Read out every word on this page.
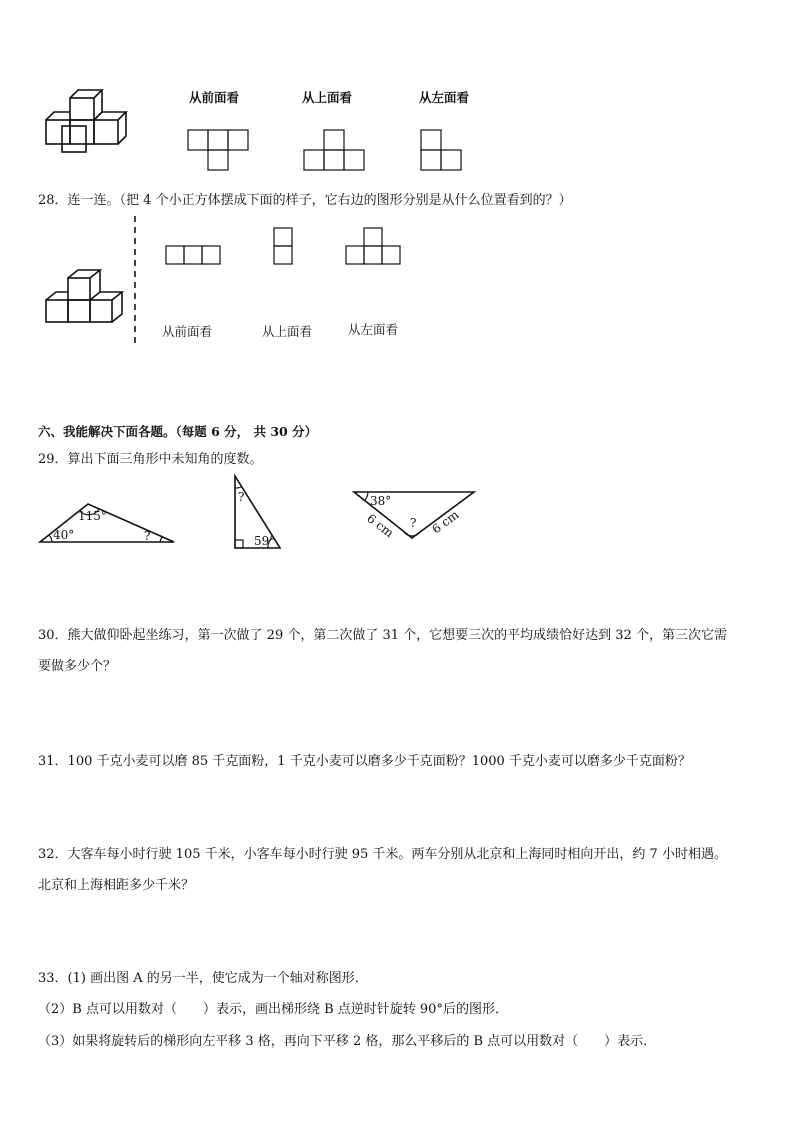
从前面看	从上面看	从左面看
28．连一连。（把 4 个小正方体摆成下面的样子，它右边的图形分别是从什么位置看到的？）
从前面看	从上面看	从左面看
六、我能解决下面各题。（每题 6 分， 共 30 分）
29．算出下面三角形中未知角的度数。
115°
40°	?
?
59°
38°
?
6 cm	6 cm
30．熊大做仰卧起坐练习，第一次做了 29 个，第二次做了 31 个，它想要三次的平均成绩恰好达到 32 个，第三次它需
要做多少个？
31．100 千克小麦可以磨 85 千克面粉，1 千克小麦可以磨多少千克面粉？1000 千克小麦可以磨多少千克面粉？
32．大客车每小时行驶 105 千米，小客车每小时行驶 95 千米。两车分别从北京和上海同时相向开出，约 7 小时相遇。
北京和上海相距多少千米？
33．(1) 画出图 A 的另一半，使它成为一个轴对称图形．
（2）B 点可以用数对（　　）表示，画出梯形绕 B 点逆时针旋转 90°后的图形．
（3）如果将旋转后的梯形向左平移 3 格，再向下平移 2 格，那么平移后的 B 点可以用数对（　　）表示．
